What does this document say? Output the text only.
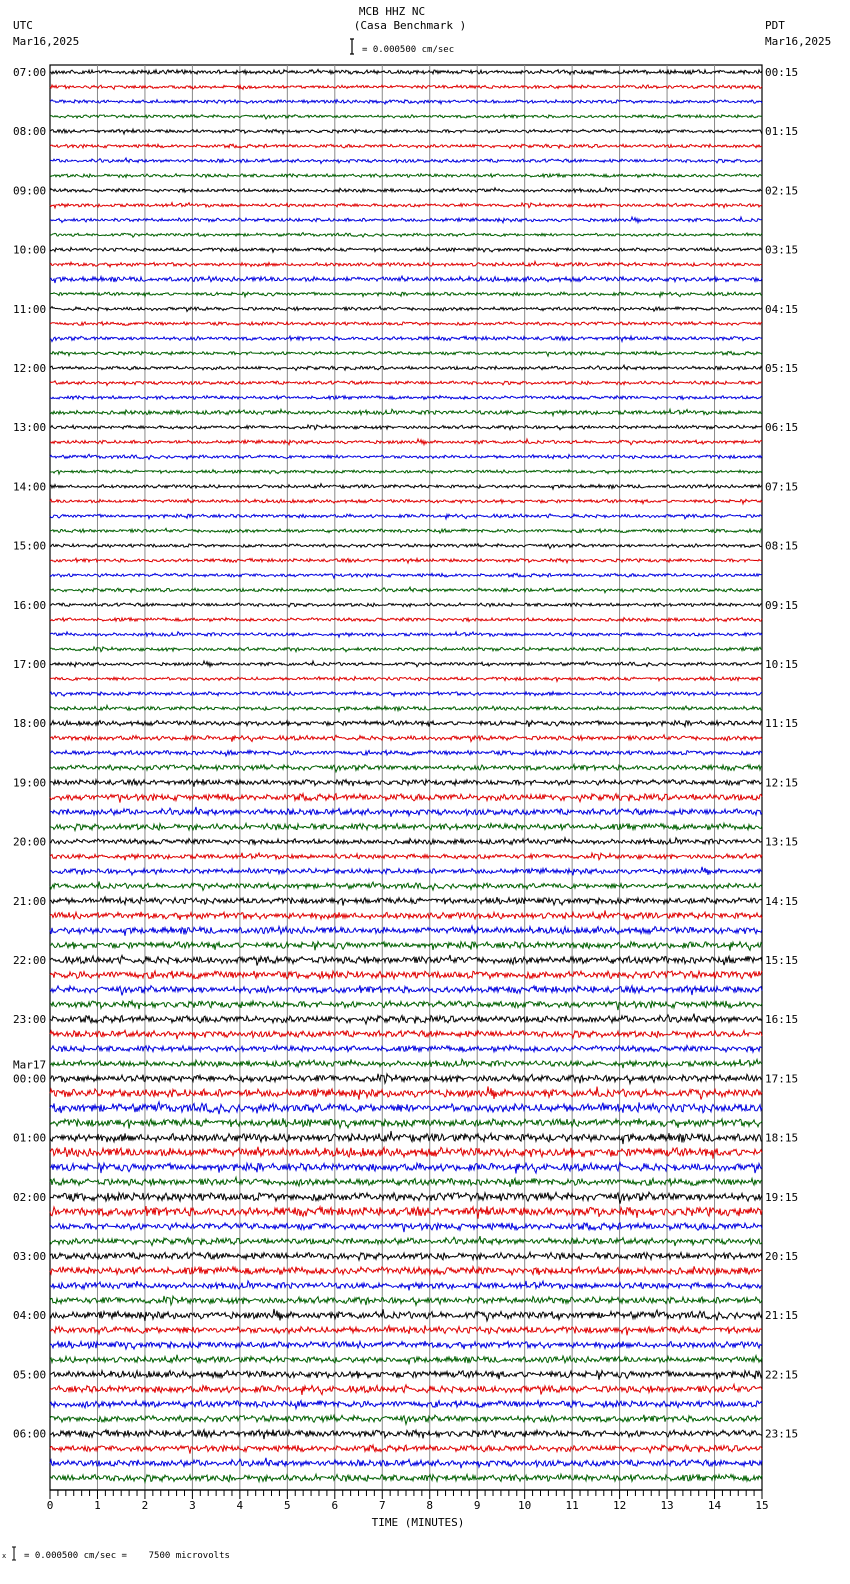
MCB HHZ NC
(Casa Benchmark )
UTC
Mar16,2025
PDT
Mar16,2025
= 0.000500 cm/sec
07:00
08:00
09:00
10:00
11:00
12:00
13:00
14:00
15:00
16:00
17:00
18:00
19:00
20:00
21:00
22:00
23:00
00:00
Mar17
01:00
02:00
03:00
04:00
05:00
06:00
00:15
01:15
02:15
03:15
04:15
05:15
06:15
07:15
08:15
09:15
10:15
11:15
12:15
13:15
14:15
15:15
16:15
17:15
18:15
19:15
20:15
21:15
22:15
23:15
0	1	2	3	4	5	6	7	8	9	10	11	12	13	14	15
TIME (MINUTES)
x = 0.000500 cm/sec =    7500 microvolts
